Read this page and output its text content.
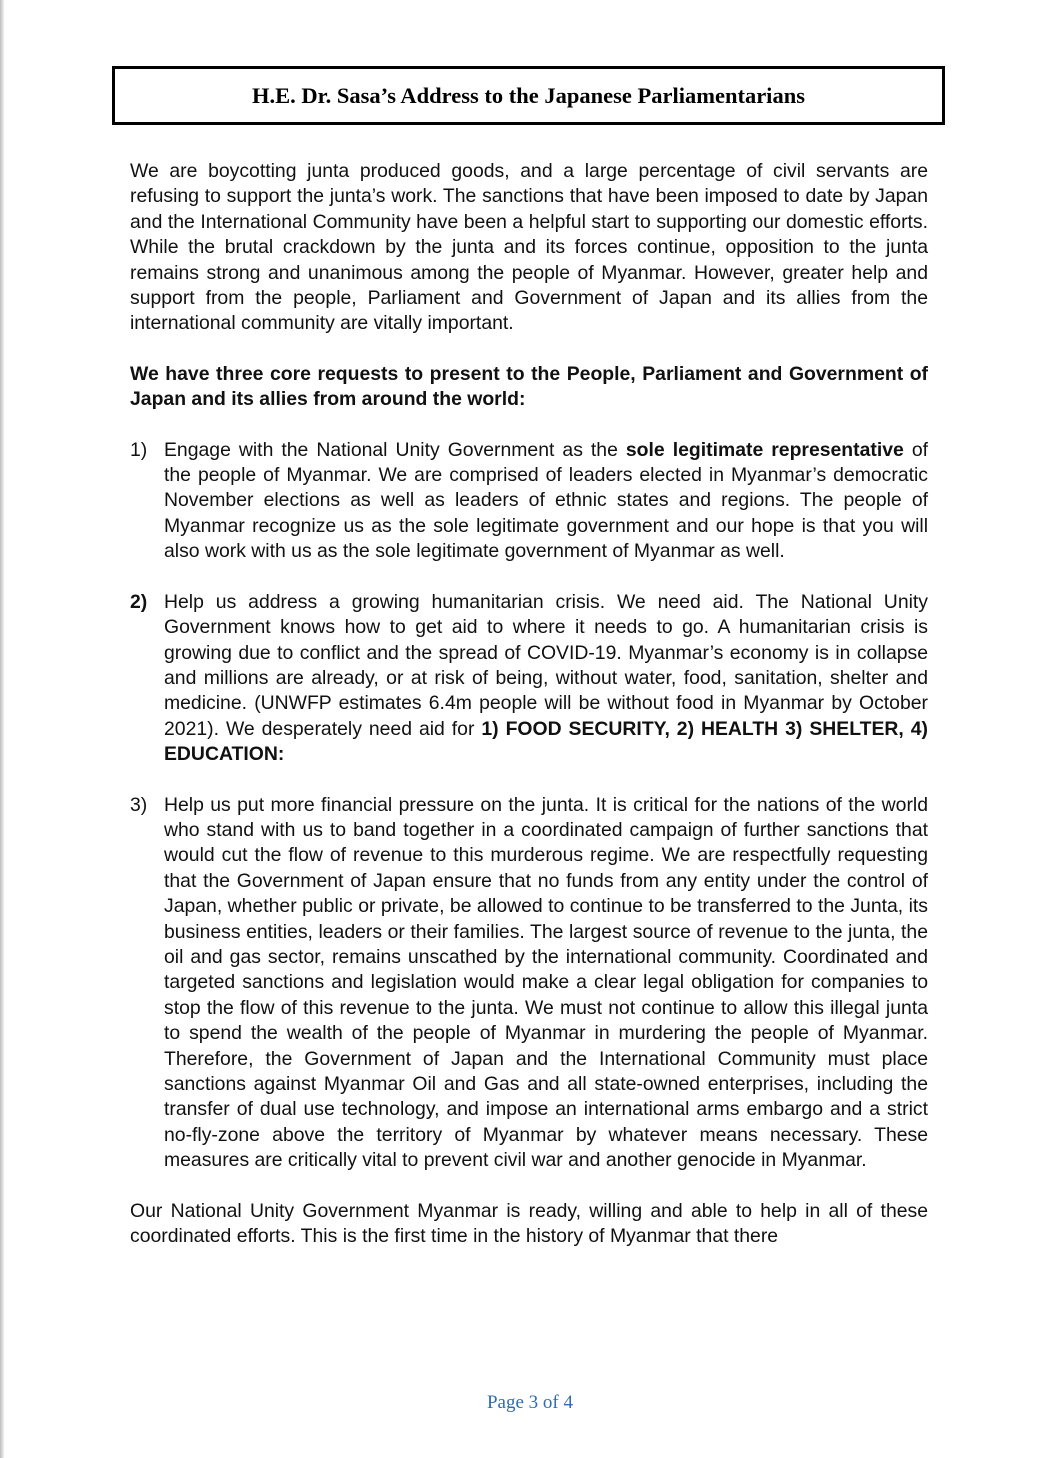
H.E. Dr. Sasa’s Address to the Japanese Parliamentarians

We are boycotting junta produced goods, and a large percentage of civil servants are refusing to support the junta’s work. The sanctions that have been imposed to date by Japan and the International Community have been a helpful start to supporting our domestic efforts. While the brutal crackdown by the junta and its forces continue, opposition to the junta remains strong and unanimous among the people of Myanmar. However, greater help and support from the people, Parliament and Government of Japan and its allies from the international community are vitally important.

We have three core requests to present to the People, Parliament and Government of Japan and its allies from around the world:

1) Engage with the National Unity Government as the sole legitimate representative of the people of Myanmar. We are comprised of leaders elected in Myanmar’s democratic November elections as well as leaders of ethnic states and regions. The people of Myanmar recognize us as the sole legitimate government and our hope is that you will also work with us as the sole legitimate government of Myanmar as well.
2) Help us address a growing humanitarian crisis. We need aid. The National Unity Government knows how to get aid to where it needs to go. A humanitarian crisis is growing due to conflict and the spread of COVID-19. Myanmar’s economy is in collapse and millions are already, or at risk of being, without water, food, sanitation, shelter and medicine. (UNWFP estimates 6.4m people will be without food in Myanmar by October 2021). We desperately need aid for 1) FOOD SECURITY, 2) HEALTH 3) SHELTER, 4) EDUCATION:
3) Help us put more financial pressure on the junta. It is critical for the nations of the world who stand with us to band together in a coordinated campaign of further sanctions that would cut the flow of revenue to this murderous regime. We are respectfully requesting that the Government of Japan ensure that no funds from any entity under the control of Japan, whether public or private, be allowed to continue to be transferred to the Junta, its business entities, leaders or their families. The largest source of revenue to the junta, the oil and gas sector, remains unscathed by the international community. Coordinated and targeted sanctions and legislation would make a clear legal obligation for companies to stop the flow of this revenue to the junta. We must not continue to allow this illegal junta to spend the wealth of the people of Myanmar in murdering the people of Myanmar. Therefore, the Government of Japan and the International Community must place sanctions against Myanmar Oil and Gas and all state-owned enterprises, including the transfer of dual use technology, and impose an international arms embargo and a strict no-fly-zone above the territory of Myanmar by whatever means necessary. These measures are critically vital to prevent civil war and another genocide in Myanmar.

Our National Unity Government Myanmar is ready, willing and able to help in all of these coordinated efforts. This is the first time in the history of Myanmar that there

Page 3 of 4
